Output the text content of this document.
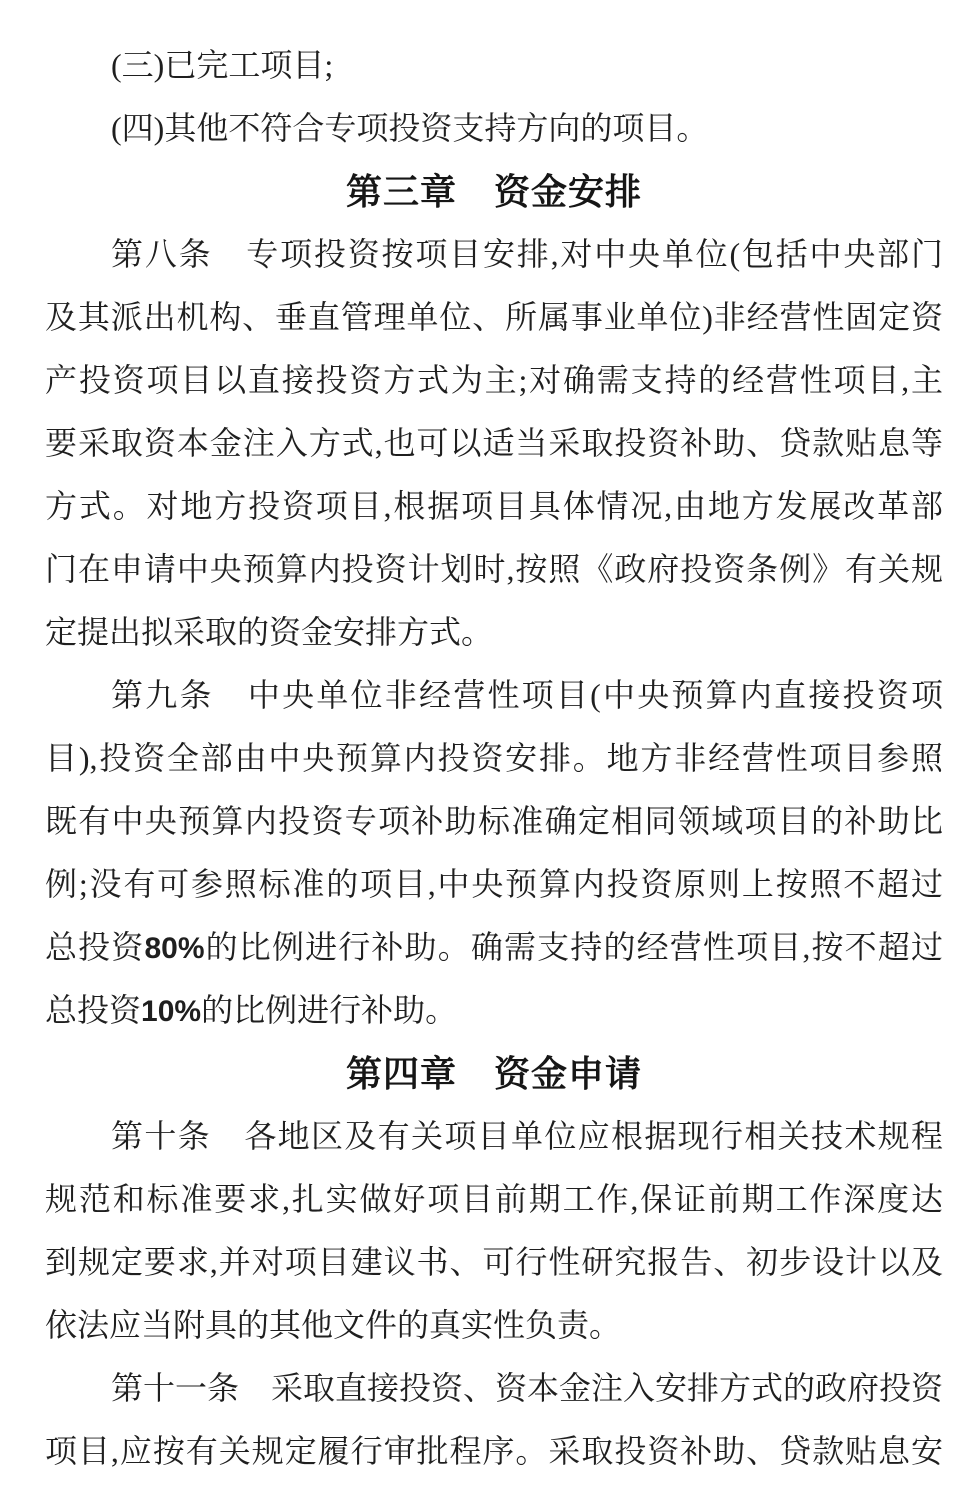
(三)已完工项目;
(四)其他不符合专项投资支持方向的项目。
第三章　资金安排
第八条　专项投资按项目安排,对中央单位(包括中央部门
及其派出机构、垂直管理单位、所属事业单位)非经营性固定资
产投资项目以直接投资方式为主;对确需支持的经营性项目,主
要采取资本金注入方式,也可以适当采取投资补助、贷款贴息等
方式。对地方投资项目,根据项目具体情况,由地方发展改革部
门在申请中央预算内投资计划时,按照《政府投资条例》有关规
定提出拟采取的资金安排方式。
第九条　中央单位非经营性项目(中央预算内直接投资项
目),投资全部由中央预算内投资安排。地方非经营性项目参照
既有中央预算内投资专项补助标准确定相同领域项目的补助比
例;没有可参照标准的项目,中央预算内投资原则上按照不超过
总投资80%的比例进行补助。确需支持的经营性项目,按不超过
总投资10%的比例进行补助。
第四章　资金申请
第十条　各地区及有关项目单位应根据现行相关技术规程
规范和标准要求,扎实做好项目前期工作,保证前期工作深度达
到规定要求,并对项目建议书、可行性研究报告、初步设计以及
依法应当附具的其他文件的真实性负责。
第十一条　采取直接投资、资本金注入安排方式的政府投资
项目,应按有关规定履行审批程序。采取投资补助、贷款贴息安
